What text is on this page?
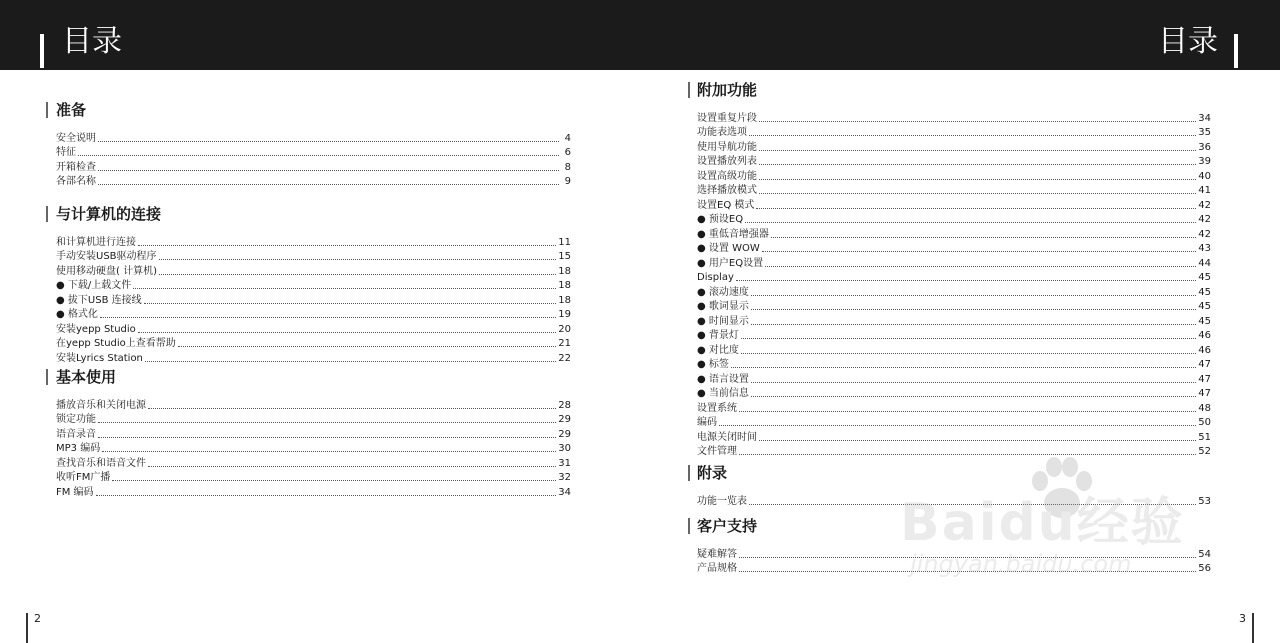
目录	目录
准备
安全说明	4
特征	6
开箱检查	8
各部名称	9
与计算机的连接
和计算机进行连接	11
手动安装USB驱动程序	15
使用移动硬盘( 计算机)	18
● 下载/上载文件	18
● 拔下USB 连接线	18
● 格式化	19
安装yepp Studio	20
在yepp Studio上查看帮助	21
安装Lyrics Station	22
基本使用
播放音乐和关闭电源	28
锁定功能	29
语音录音	29
MP3 编码	30
查找音乐和语音文件	31
收听FM广播	32
FM 编码	34
附加功能
设置重复片段	34
功能表选项	35
使用导航功能	36
设置播放列表	39
设置高级功能	40
选择播放模式	41
设置EQ 模式	42
● 预设EQ	42
● 重低音增强器	42
● 设置 WOW	43
● 用户EQ设置	44
Display	45
● 滚动速度	45
● 歌词显示	45
● 时间显示	45
● 背景灯	46
● 对比度	46
● 标签	47
● 语言设置	47
● 当前信息	47
设置系统	48
编码	50
电源关闭时间	51
文件管理	52
附录
功能一览表	53
客户支持
疑难解答	54
产品规格	56
2	3
Baidu经验
jingyan.baidu.com
